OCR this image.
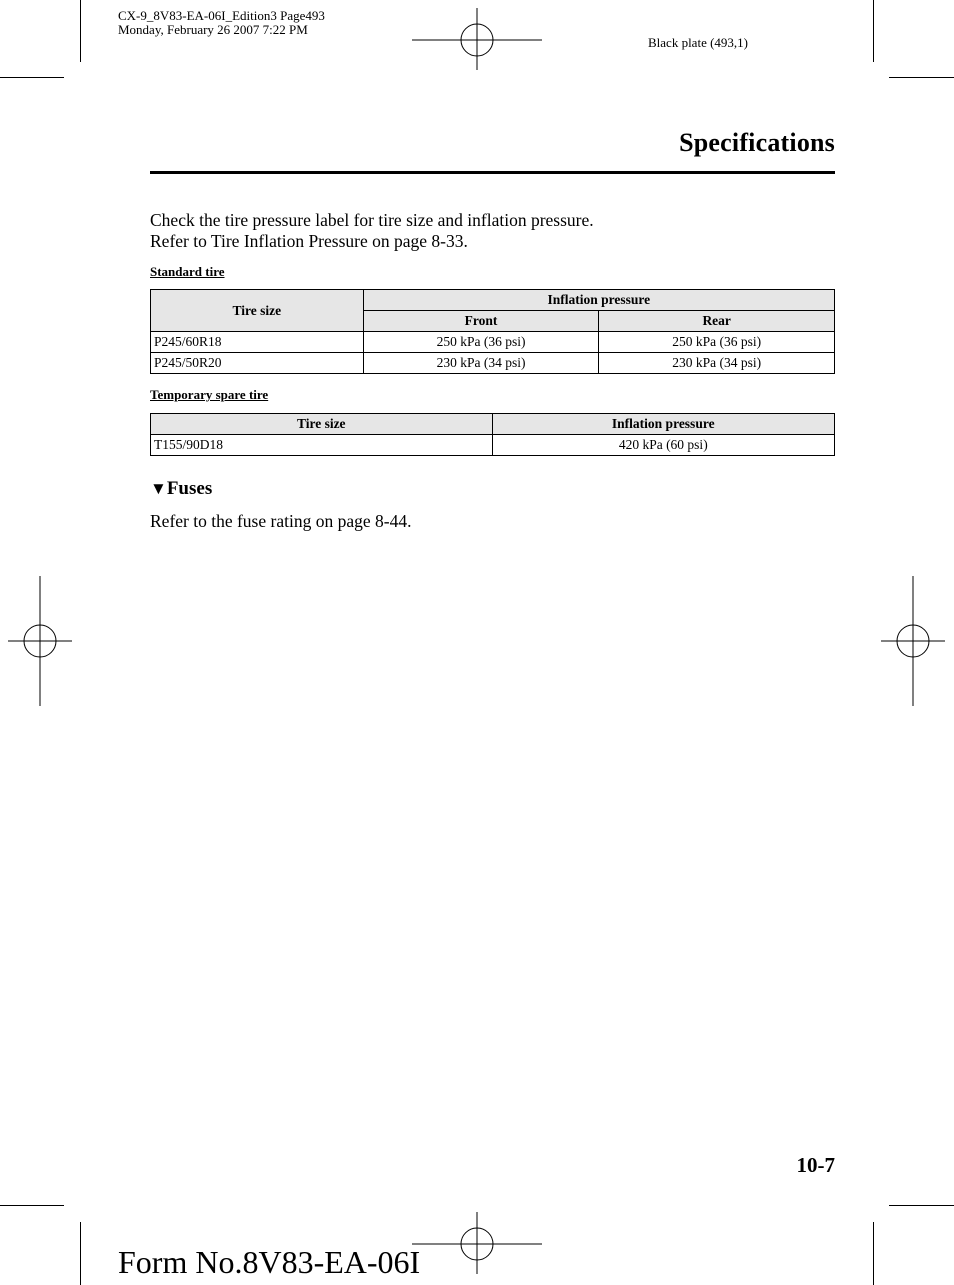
CX-9_8V83-EA-06I_Edition3 Page493
Monday, February 26 2007 7:22 PM
Black plate (493,1)
Specifications
Check the tire pressure label for tire size and inflation pressure.
Refer to Tire Inflation Pressure on page 8-33.
Standard tire
Tire size	Inflation pressure	
	Front	Rear
P245/60R18	250 kPa (36 psi)	250 kPa (36 psi)
P245/50R20	230 kPa (34 psi)	230 kPa (34 psi)
Temporary spare tire
Tire size	Inflation pressure
T155/90D18	420 kPa (60 psi)
▼Fuses
Refer to the fuse rating on page 8-44.
10-7
Form No.8V83-EA-06I
